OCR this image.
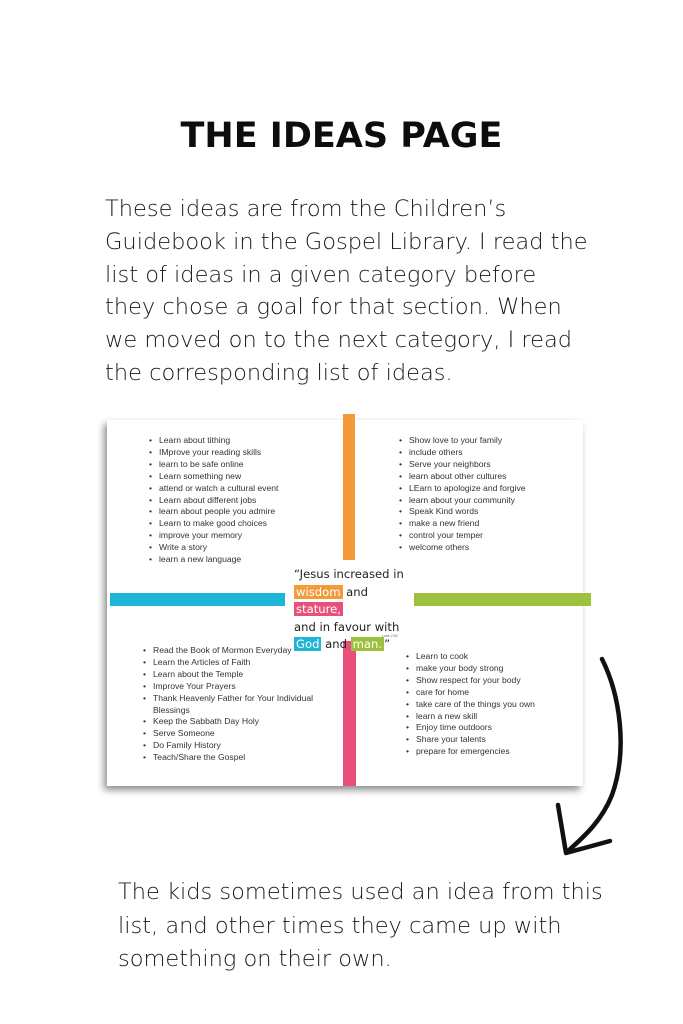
THE IDEAS PAGE
These ideas are from the Children’s
Guidebook in the Gospel Library. I read the
list of ideas in a given category before
they chose a goal for that section. When
we moved on to the next category, I read
the corresponding list of ideas.
• Learn about tithing
• IMprove your reading skills
• learn to be safe online
• Learn something new
• attend or watch a cultural event
• Learn about different jobs
• learn about people you admire
• Learn to make good choices
• improve your memory
• Write a story
• learn a new language
• Show love to your family
• include others
• Serve your neighbors
• learn about other cultures
• LEarn to apologize and forgive
• learn about your community
• Speak Kind words
• make a new friend
• control your temper
• welcome others
• Read the Book of Mormon Everyday
• Learn the Articles of Faith
• Learn about the Temple
• Improve Your Prayers
• Thank Heavenly Father for Your Individual Blessings
• Keep the Sabbath Day Holy
• Serve Someone
• Do Family History
• Teach/Share the Gospel
• Learn to cook
• make your body strong
• Show respect for your body
• care for home
• take care of the things you own
• learn a new skill
• Enjoy time outdoors
• Share your talents
• prepare for emergencies
“Jesus increased in
wisdom and stature,
and in favour with
God and man. ”
Luke 2:52
The kids sometimes used an idea from this
list, and other times they came up with
something on their own.
